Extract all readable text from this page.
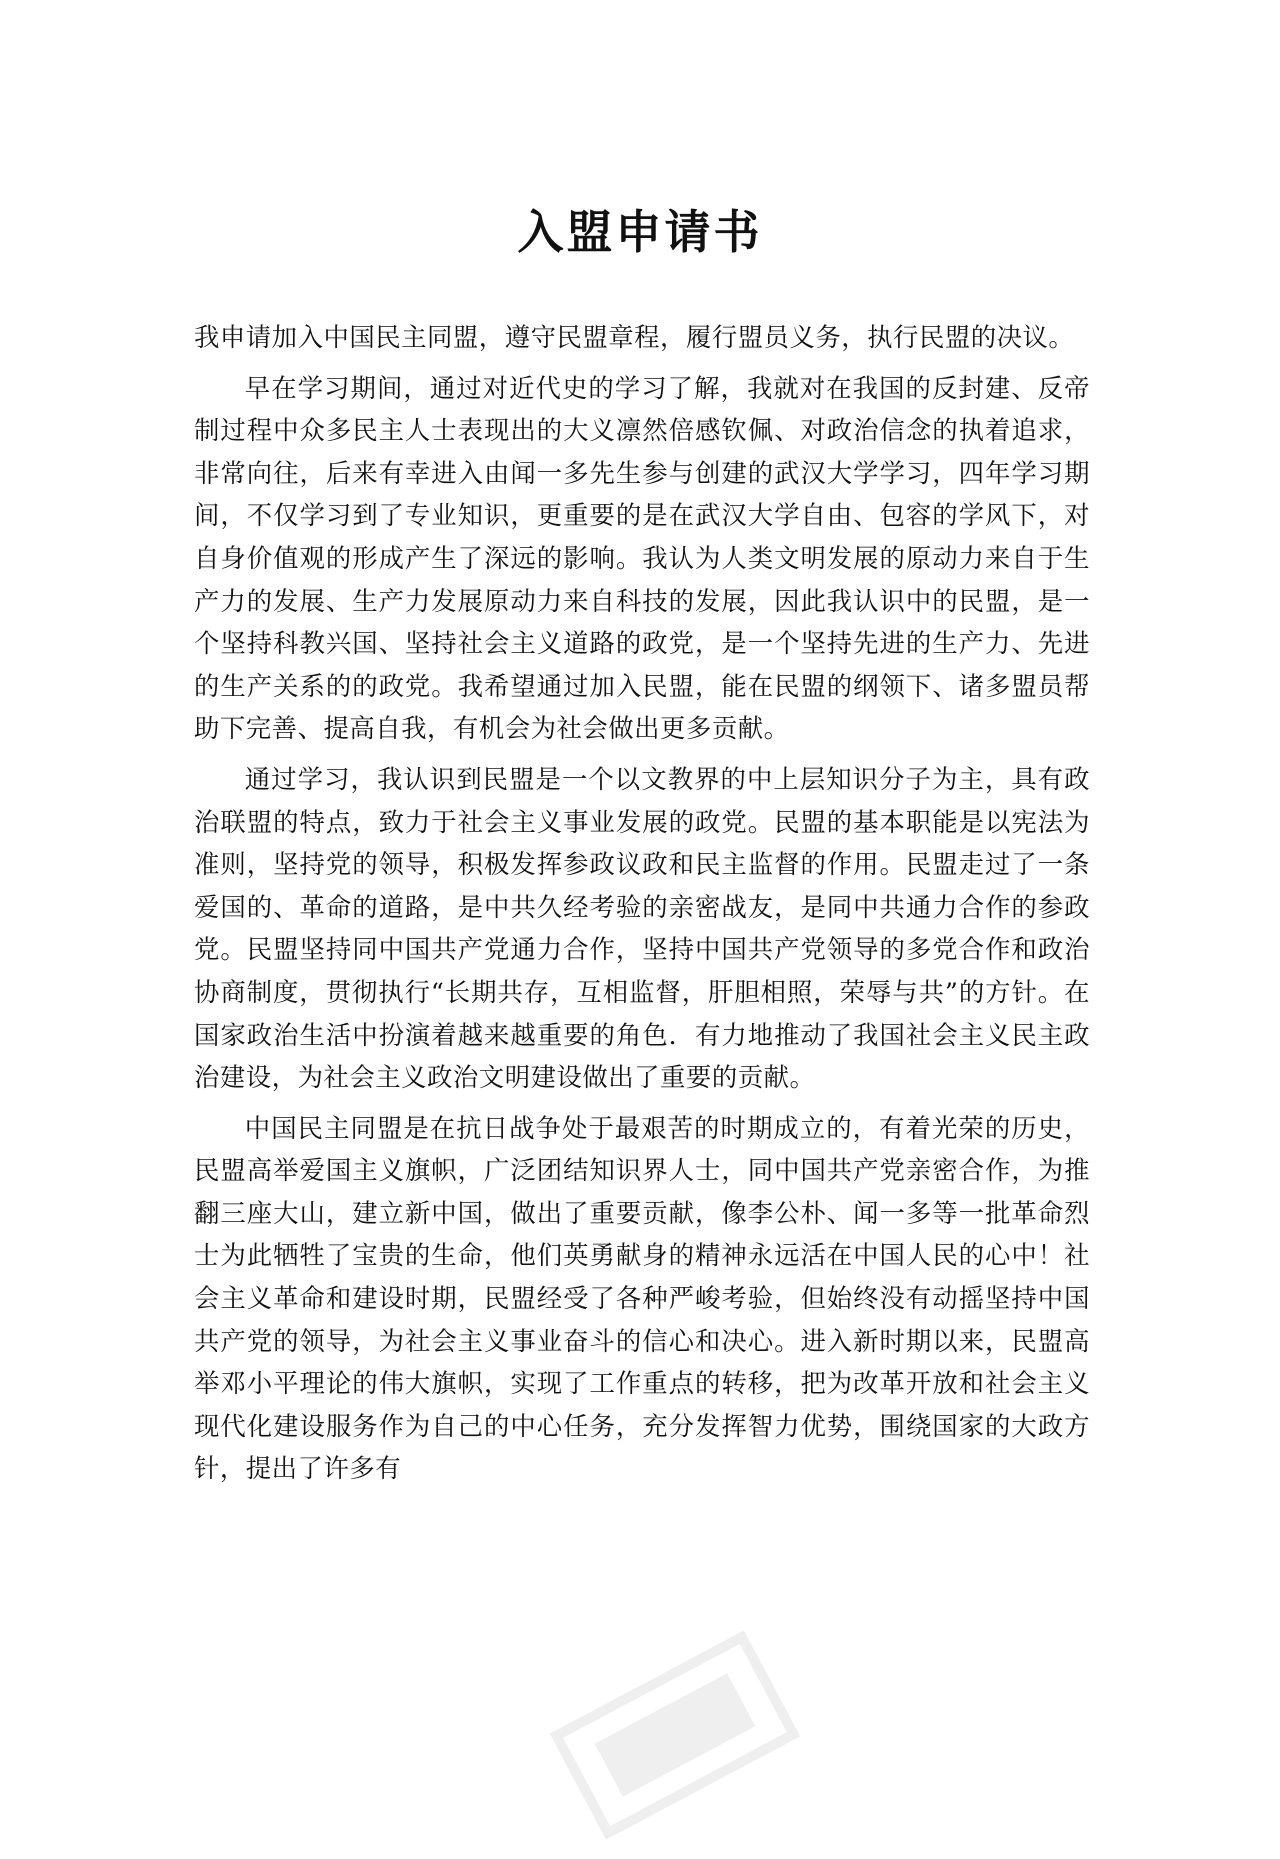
入盟申请书

我申请加入中国民主同盟，遵守民盟章程，履行盟员义务，执行民盟的决议。

早在学习期间，通过对近代史的学习了解，我就对在我国的反封建、反帝制过程中众多民主人士表现出的大义凛然倍感钦佩、对政治信念的执着追求，非常向往，后来有幸进入由闻一多先生参与创建的武汉大学学习，四年学习期间，不仅学习到了专业知识，更重要的是在武汉大学自由、包容的学风下，对自身价值观的形成产生了深远的影响。我认为人类文明发展的原动力来自于生产力的发展、生产力发展原动力来自科技的发展，因此我认识中的民盟，是一个坚持科教兴国、坚持社会主义道路的政党，是一个坚持先进的生产力、先进的生产关系的的政党。我希望通过加入民盟，能在民盟的纲领下、诸多盟员帮助下完善、提高自我，有机会为社会做出更多贡献。

通过学习，我认识到民盟是一个以文教界的中上层知识分子为主，具有政治联盟的特点，致力于社会主义事业发展的政党。民盟的基本职能是以宪法为准则，坚持党的领导，积极发挥参政议政和民主监督的作用。民盟走过了一条爱国的、革命的道路，是中共久经考验的亲密战友，是同中共通力合作的参政党。民盟坚持同中国共产党通力合作，坚持中国共产党领导的多党合作和政治协商制度，贯彻执行“长期共存，互相监督，肝胆相照，荣辱与共”的方针。在国家政治生活中扮演着越来越重要的角色．有力地推动了我国社会主义民主政治建设，为社会主义政治文明建设做出了重要的贡献。

中国民主同盟是在抗日战争处于最艰苦的时期成立的，有着光荣的历史，民盟高举爱国主义旗帜，广泛团结知识界人士，同中国共产党亲密合作，为推翻三座大山，建立新中国，做出了重要贡献，像李公朴、闻一多等一批革命烈士为此牺牲了宝贵的生命，他们英勇献身的精神永远活在中国人民的心中！社会主义革命和建设时期，民盟经受了各种严峻考验，但始终没有动摇坚持中国共产党的领导，为社会主义事业奋斗的信心和决心。进入新时期以来，民盟高举邓小平理论的伟大旗帜，实现了工作重点的转移，把为改革开放和社会主义现代化建设服务作为自己的中心任务，充分发挥智力优势，围绕国家的大政方针，提出了许多有
